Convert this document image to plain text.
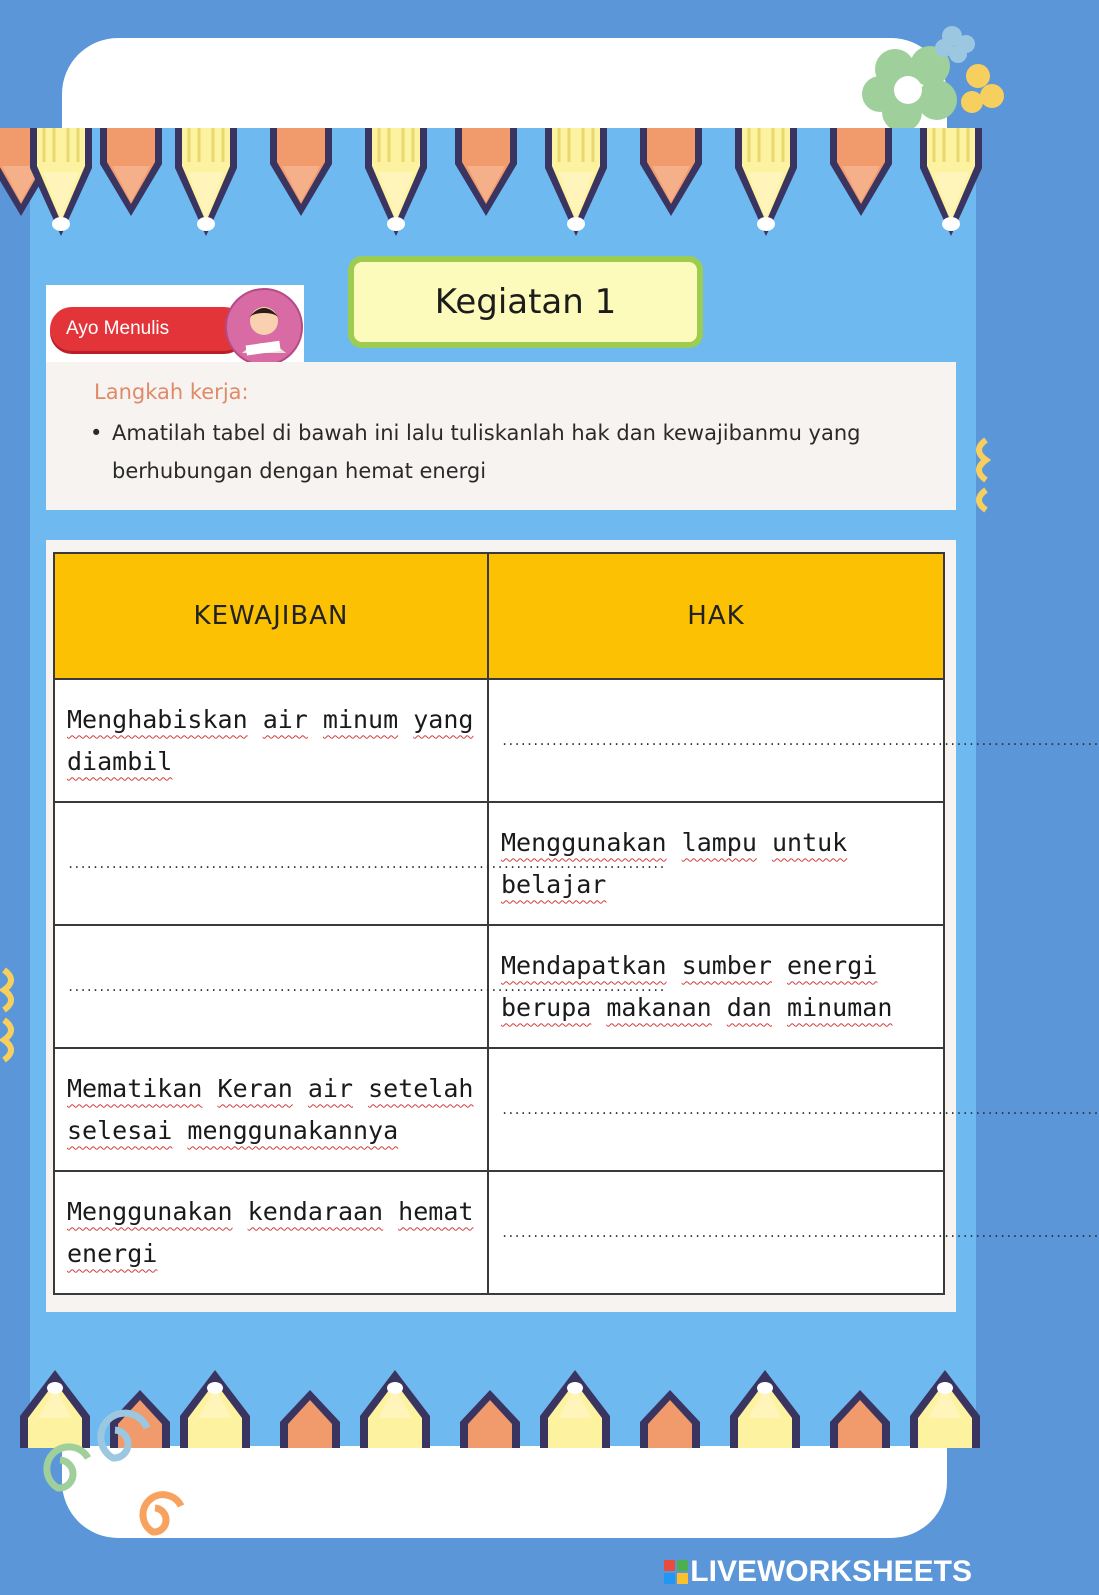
Ayo Menulis
Kegiatan 1
Langkah kerja:
• Amatilah tabel di bawah ini lalu tuliskanlah hak dan kewajibanmu yang berhubungan dengan hemat energi
KEWAJIBAN	HAK

Menghabiskan air minum yang diambil	................................................................................................

................................................................................................	Menggunakan lampu untuk belajar

................................................................................................	Mendapatkan sumber energi berupa makanan dan minuman

Mematikan Keran air setelah selesai menggunakannya	................................................................................................

Menggunakan kendaraan hemat energi	................................................................................................
LIVEWORKSHEETS
